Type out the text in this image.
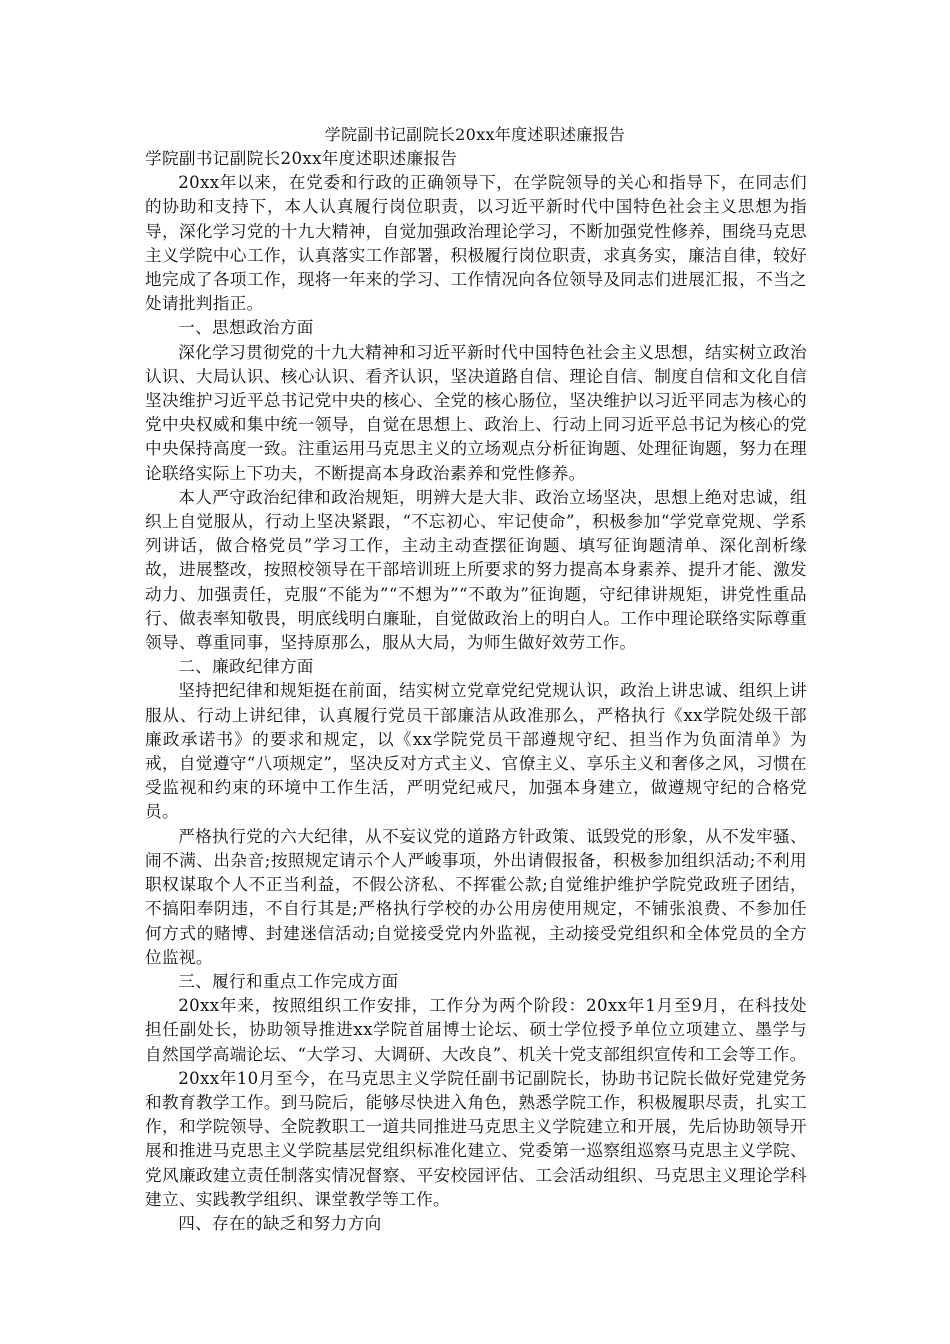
学院副书记副院长20xx年度述职述廉报告

学院副书记副院长20xx年度述职述廉报告

20xx年以来，在党委和行政的正确领导下，在学院领导的关心和指导下，在同志们的协助和支持下，本人认真履行岗位职责，以习近平新时代中国特色社会主义思想为指导，深化学习党的十九大精神，自觉加强政治理论学习，不断加强党性修养，围绕马克思主义学院中心工作，认真落实工作部署，积极履行岗位职责，求真务实，廉洁自律，较好地完成了各项工作，现将一年来的学习、工作情况向各位领导及同志们进展汇报，不当之处请批判指正。

一、思想政治方面

深化学习贯彻党的十九大精神和习近平新时代中国特色社会主义思想，结实树立政治认识、大局认识、核心认识、看齐认识，坚决道路自信、理论自信、制度自信和文化自信坚决维护习近平总书记党中央的核心、全党的核心肠位，坚决维护以习近平同志为核心的党中央权威和集中统一领导，自觉在思想上、政治上、行动上同习近平总书记为核心的党中央保持高度一致。注重运用马克思主义的立场观点分析征询题、处理征询题，努力在理论联络实际上下功夫，不断提高本身政治素养和党性修养。

本人严守政治纪律和政治规矩，明辨大是大非、政治立场坚决，思想上绝对忠诚，组织上自觉服从，行动上坚决紧跟，“不忘初心、牢记使命”，积极参加“学党章党规、学系列讲话，做合格党员”学习工作，主动主动查摆征询题、填写征询题清单、深化剖析缘故，进展整改，按照校领导在干部培训班上所要求的努力提高本身素养、提升才能、激发动力、加强责任，克服“不能为”“不想为”“不敢为”征询题，守纪律讲规矩，讲党性重品行、做表率知敬畏，明底线明白廉耻，自觉做政治上的明白人。工作中理论联络实际尊重领导、尊重同事，坚持原那么，服从大局，为师生做好效劳工作。

二、廉政纪律方面

坚持把纪律和规矩挺在前面，结实树立党章党纪党规认识，政治上讲忠诚、组织上讲服从、行动上讲纪律，认真履行党员干部廉洁从政准那么，严格执行《xx学院处级干部廉政承诺书》的要求和规定，以《xx学院党员干部遵规守纪、担当作为负面清单》为戒，自觉遵守“八项规定”，坚决反对方式主义、官僚主义、享乐主义和奢侈之风，习惯在受监视和约束的环境中工作生活，严明党纪戒尺，加强本身建立，做遵规守纪的合格党员。

严格执行党的六大纪律，从不妄议党的道路方针政策、诋毁党的形象，从不发牢骚、闹不满、出杂音;按照规定请示个人严峻事项，外出请假报备，积极参加组织活动;不利用职权谋取个人不正当利益，不假公济私、不挥霍公款;自觉维护维护学院党政班子团结，不搞阳奉阴违，不自行其是;严格执行学校的办公用房使用规定，不铺张浪费、不参加任何方式的赌博、封建迷信活动;自觉接受党内外监视，主动接受党组织和全体党员的全方位监视。

三、履行和重点工作完成方面

20xx年来，按照组织工作安排，工作分为两个阶段：20xx年1月至9月，在科技处担任副处长，协助领导推进xx学院首届博士论坛、硕士学位授予单位立项建立、墨学与自然国学高端论坛、“大学习、大调研、大改良”、机关十党支部组织宣传和工会等工作。

20xx年10月至今，在马克思主义学院任副书记副院长，协助书记院长做好党建党务和教育教学工作。到马院后，能够尽快进入角色，熟悉学院工作，积极履职尽责，扎实工作，和学院领导、全院教职工一道共同推进马克思主义学院建立和开展，先后协助领导开展和推进马克思主义学院基层党组织标准化建立、党委第一巡察组巡察马克思主义学院、党风廉政建立责任制落实情况督察、平安校园评估、工会活动组织、马克思主义理论学科建立、实践教学组织、课堂教学等工作。

四、存在的缺乏和努力方向
